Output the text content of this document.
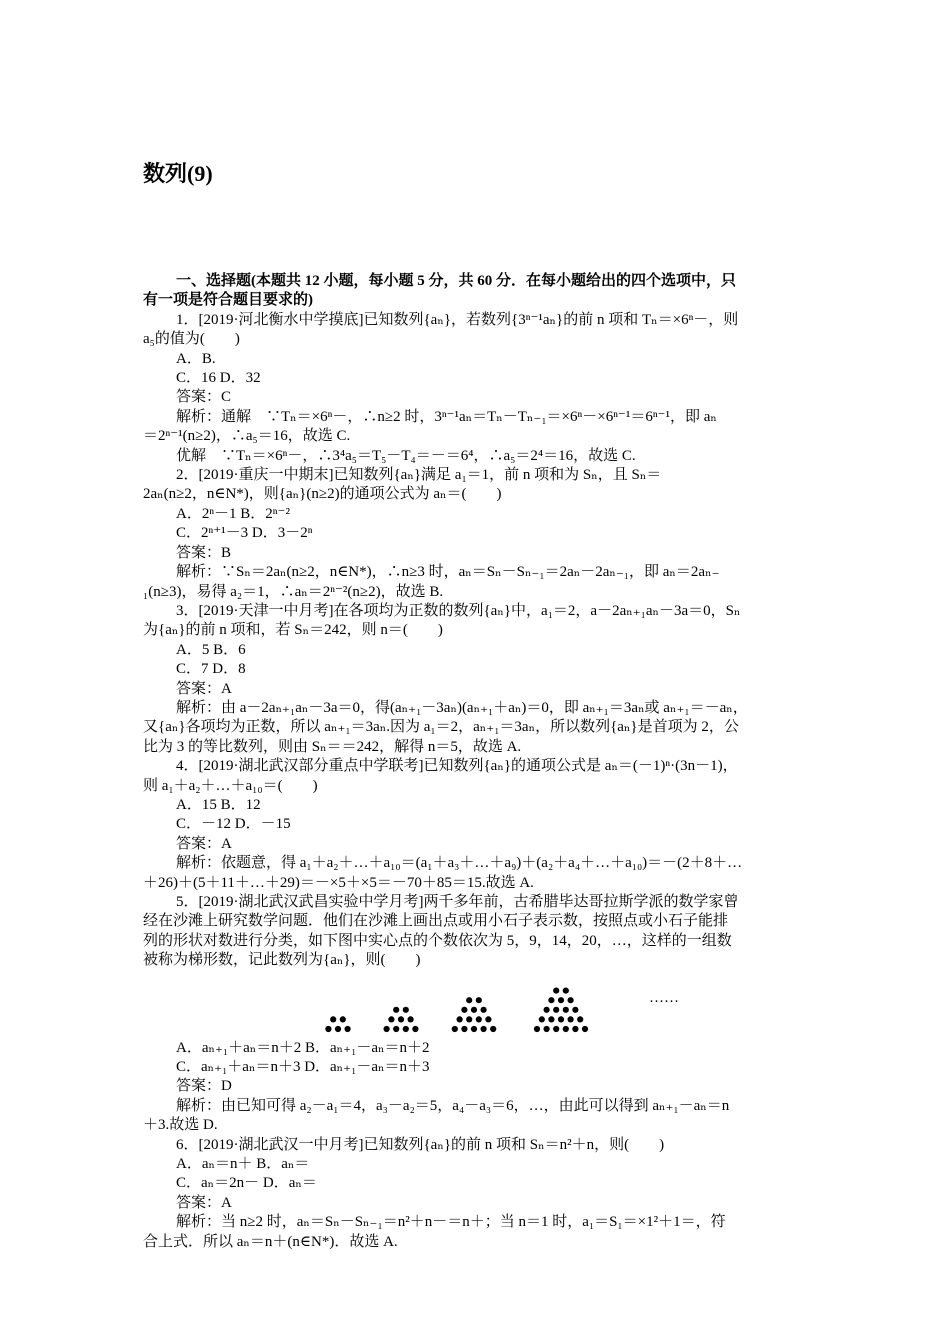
数列(9)
一、选择题(本题共 12 小题，每小题 5 分，共 60 分．在每小题给出的四个选项中，只
有一项是符合题目要求的)
1．[2019·河北衡水中学摸底]已知数列{aₙ}，若数列{3ⁿ⁻¹aₙ}的前 n 项和 Tₙ＝×6ⁿ－，则
a₅的值为(　　)
A．B.
C．16 D．32
答案：C
解析：通解　∵Tₙ＝×6ⁿ－，∴n≥2 时，3ⁿ⁻¹aₙ＝Tₙ－Tₙ₋₁＝×6ⁿ－×6ⁿ⁻¹＝6ⁿ⁻¹，即 aₙ
＝2ⁿ⁻¹(n≥2)，∴a₅＝16，故选 C.
优解　∵Tₙ＝×6ⁿ－，∴3⁴a₅＝T₅－T₄＝－＝6⁴，∴a₅＝2⁴＝16，故选 C.
2．[2019·重庆一中期末]已知数列{aₙ}满足 a₁＝1，前 n 项和为 Sₙ，且 Sₙ＝
2aₙ(n≥2，n∈N*)，则{aₙ}(n≥2)的通项公式为 aₙ＝(　　)
A．2ⁿ－1 B．2ⁿ⁻²
C．2ⁿ⁺¹－3 D．3－2ⁿ
答案：B
解析：∵Sₙ＝2aₙ(n≥2，n∈N*)，∴n≥3 时，aₙ＝Sₙ－Sₙ₋₁＝2aₙ－2aₙ₋₁，即 aₙ＝2aₙ₋
₁(n≥3)，易得 a₂＝1，∴aₙ＝2ⁿ⁻²(n≥2)，故选 B.
3．[2019·天津一中月考]在各项均为正数的数列{aₙ}中，a₁＝2，a－2aₙ₊₁aₙ－3a＝0，Sₙ
为{aₙ}的前 n 项和，若 Sₙ＝242，则 n＝(　　)
A．5 B．6
C．7 D．8
答案：A
解析：由 a－2aₙ₊₁aₙ－3a＝0，得(aₙ₊₁－3aₙ)(aₙ₊₁＋aₙ)＝0，即 aₙ₊₁＝3aₙ或 aₙ₊₁＝－aₙ，
又{aₙ}各项均为正数，所以 aₙ₊₁＝3aₙ.因为 a₁＝2，aₙ₊₁＝3aₙ，所以数列{aₙ}是首项为 2，公
比为 3 的等比数列，则由 Sₙ＝＝242，解得 n＝5，故选 A.
4．[2019·湖北武汉部分重点中学联考]已知数列{aₙ}的通项公式是 aₙ＝(－1)ⁿ·(3n－1)，
则 a₁＋a₂＋…＋a₁₀＝(　　)
A．15 B．12
C．－12 D．－15
答案：A
解析：依题意，得 a₁＋a₂＋…＋a₁₀＝(a₁＋a₃＋…＋a₉)＋(a₂＋a₄＋…＋a₁₀)＝－(2＋8＋…
＋26)＋(5＋11＋…＋29)＝－×5＋×5＝－70＋85＝15.故选 A.
5．[2019·湖北武汉武昌实验中学月考]两千多年前，古希腊毕达哥拉斯学派的数学家曾
经在沙滩上研究数学问题．他们在沙滩上画出点或用小石子表示数，按照点或小石子能排
列的形状对数进行分类，如下图中实心点的个数依次为 5，9，14，20，…，这样的一组数
被称为梯形数，记此数列为{aₙ}，则(　　)
……
A．aₙ₊₁＋aₙ＝n＋2 B．aₙ₊₁－aₙ＝n＋2
C．aₙ₊₁＋aₙ＝n＋3 D．aₙ₊₁－aₙ＝n＋3
答案：D
解析：由已知可得 a₂－a₁＝4，a₃－a₂＝5，a₄－a₃＝6，…，由此可以得到 aₙ₊₁－aₙ＝n
＋3.故选 D.
6．[2019·湖北武汉一中月考]已知数列{aₙ}的前 n 项和 Sₙ＝n²＋n，则(　　)
A．aₙ＝n＋ B．aₙ＝
C．aₙ＝2n－ D．aₙ＝
答案：A
解析：当 n≥2 时，aₙ＝Sₙ－Sₙ₋₁＝n²＋n－＝n＋；当 n＝1 时，a₁＝S₁＝×1²＋1＝，符
合上式．所以 aₙ＝n＋(n∈N*)．故选 A.
